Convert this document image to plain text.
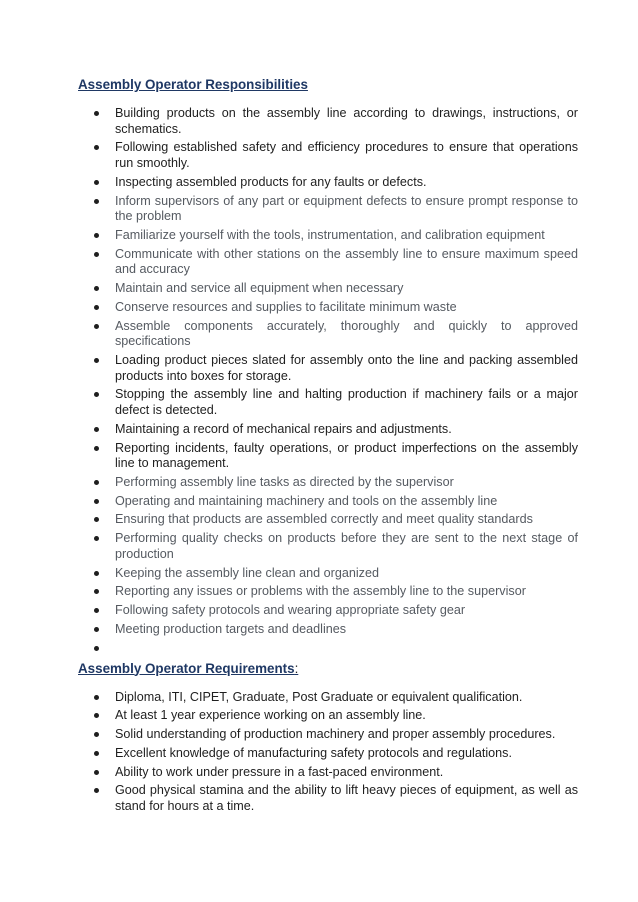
Assembly Operator Responsibilities
Building products on the assembly line according to drawings, instructions, or schematics.
Following established safety and efficiency procedures to ensure that operations run smoothly.
Inspecting assembled products for any faults or defects.
Inform supervisors of any part or equipment defects to ensure prompt response to the problem
Familiarize yourself with the tools, instrumentation, and calibration equipment
Communicate with other stations on the assembly line to ensure maximum speed and accuracy
Maintain and service all equipment when necessary
Conserve resources and supplies to facilitate minimum waste
Assemble components accurately, thoroughly and quickly to approved specifications
Loading product pieces slated for assembly onto the line and packing assembled products into boxes for storage.
Stopping the assembly line and halting production if machinery fails or a major defect is detected.
Maintaining a record of mechanical repairs and adjustments.
Reporting incidents, faulty operations, or product imperfections on the assembly line to management.
Performing assembly line tasks as directed by the supervisor
Operating and maintaining machinery and tools on the assembly line
Ensuring that products are assembled correctly and meet quality standards
Performing quality checks on products before they are sent to the next stage of production
Keeping the assembly line clean and organized
Reporting any issues or problems with the assembly line to the supervisor
Following safety protocols and wearing appropriate safety gear
Meeting production targets and deadlines

Assembly Operator Requirements:
Diploma, ITI, CIPET, Graduate, Post Graduate or equivalent qualification.
At least 1 year experience working on an assembly line.
Solid understanding of production machinery and proper assembly procedures.
Excellent knowledge of manufacturing safety protocols and regulations.
Ability to work under pressure in a fast-paced environment.
Good physical stamina and the ability to lift heavy pieces of equipment, as well as stand for hours at a time.
